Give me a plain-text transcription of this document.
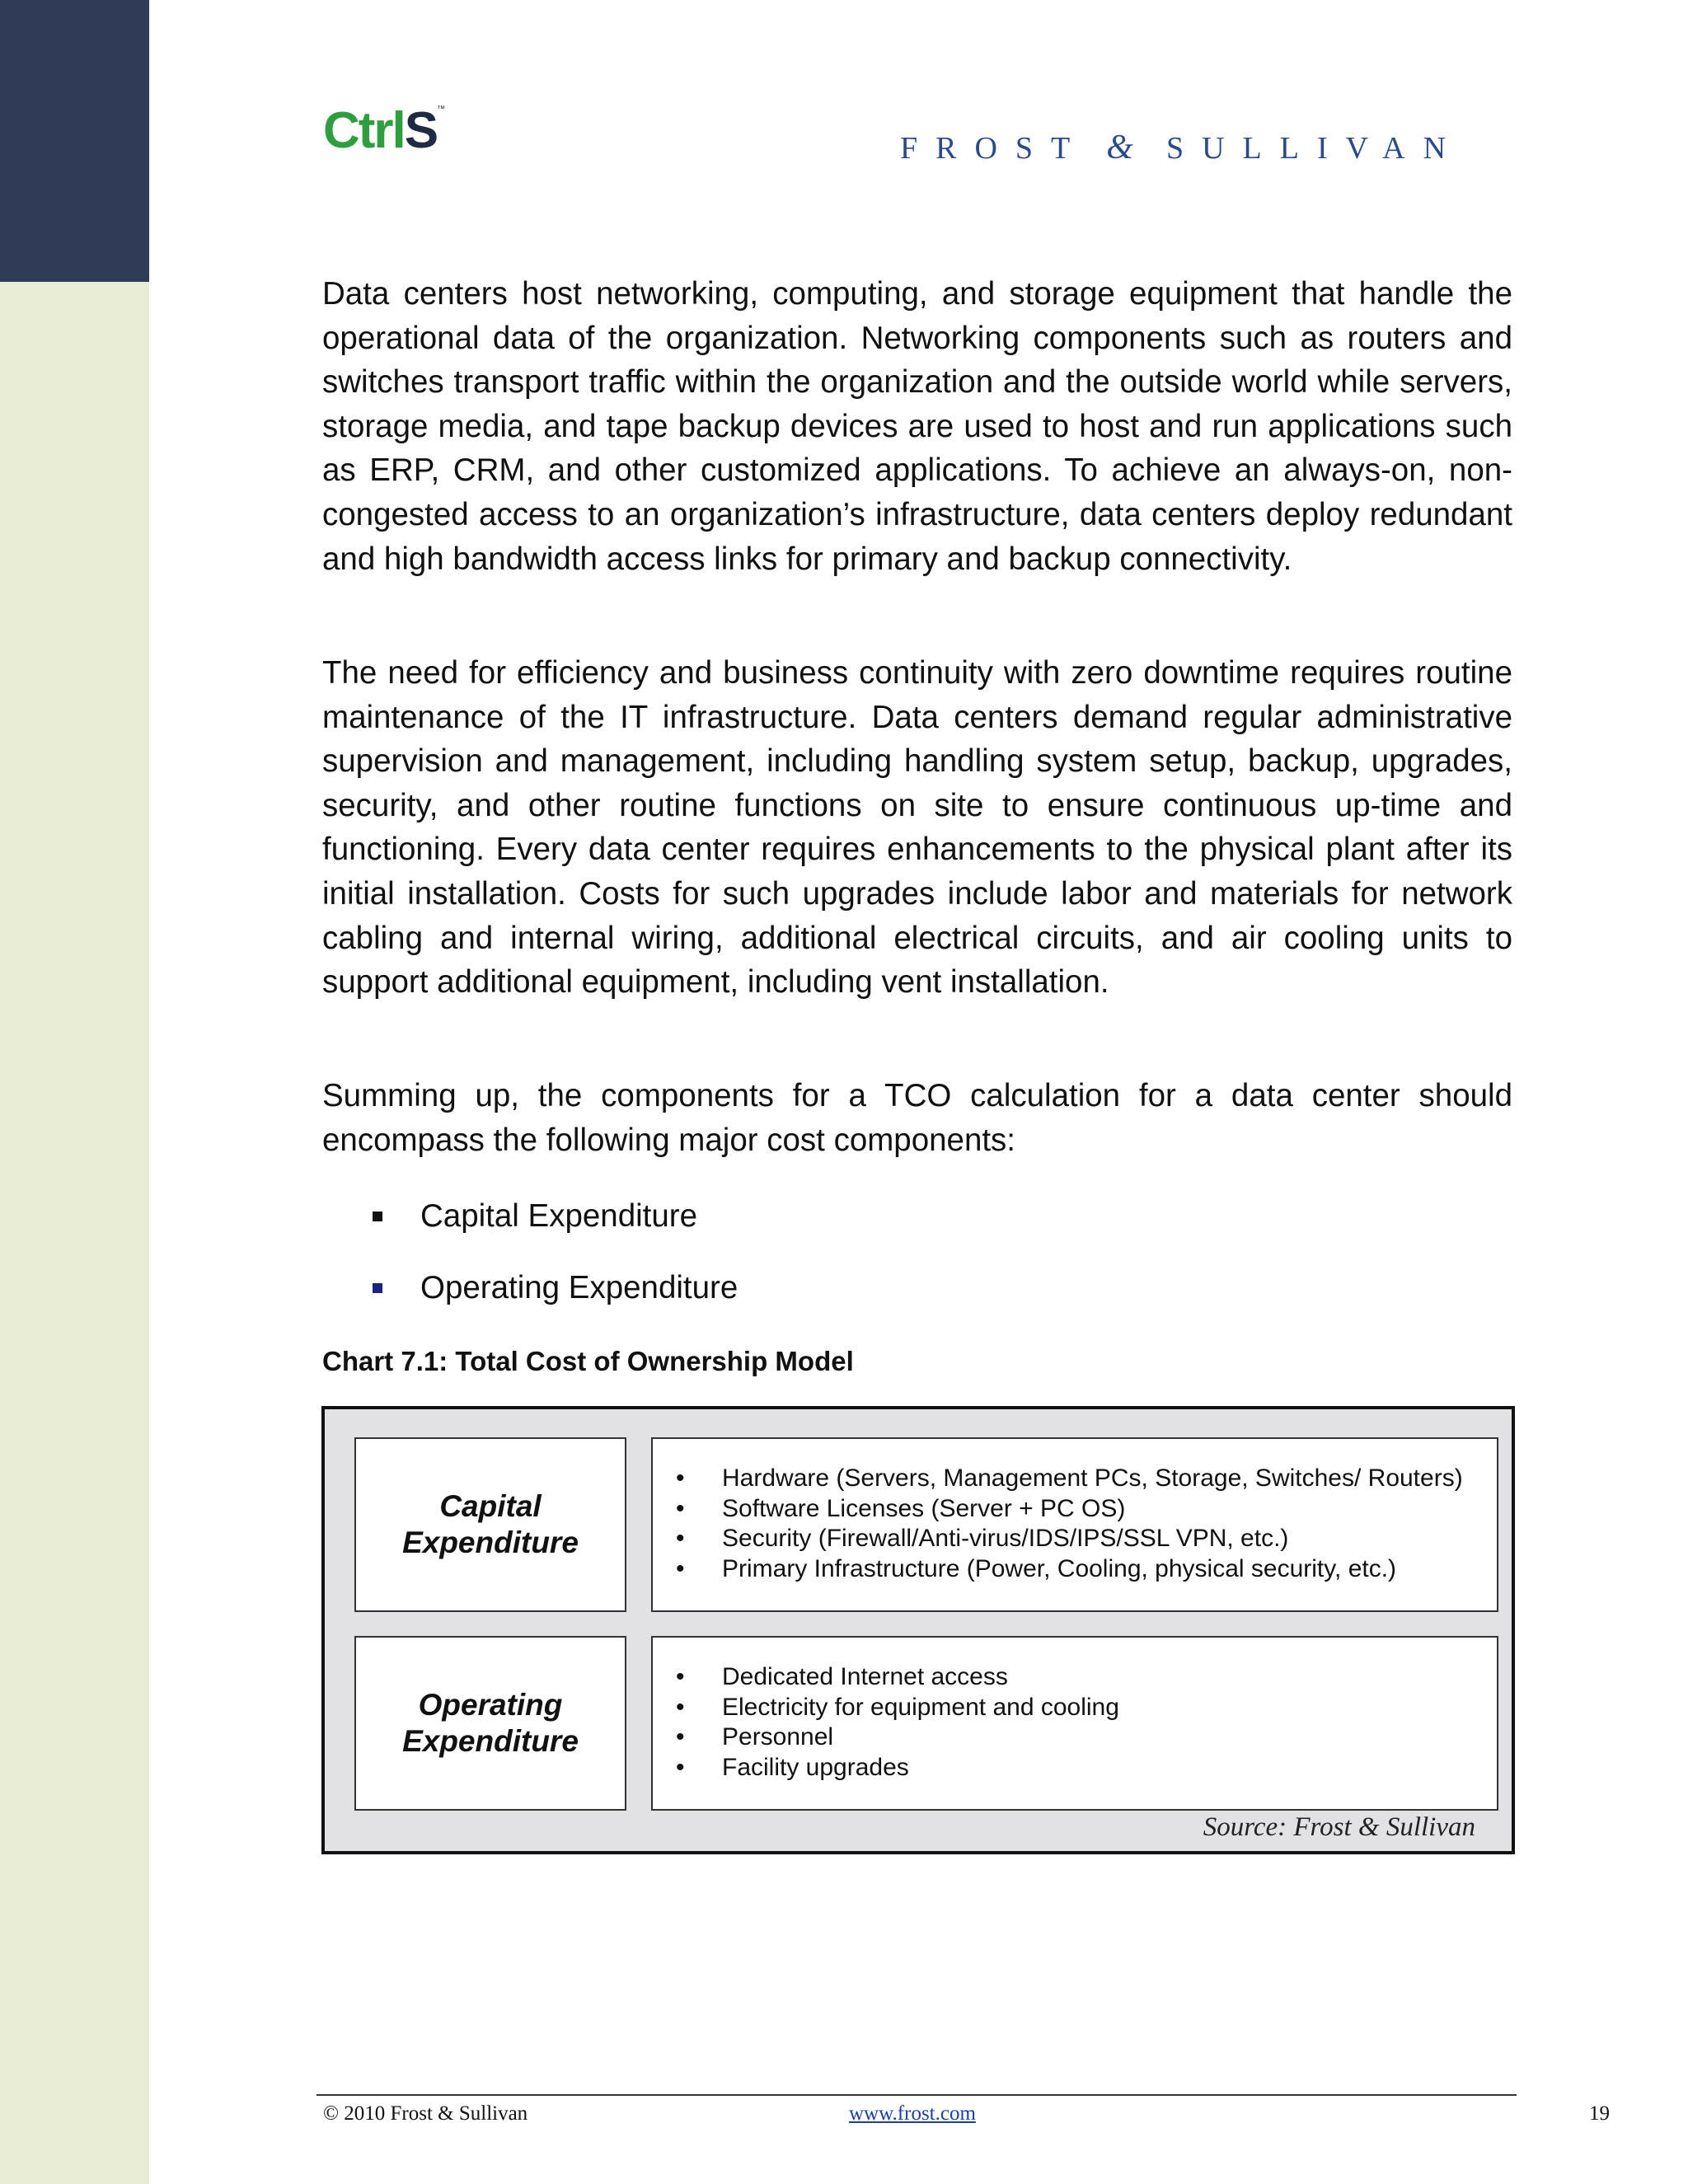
CtrlS™
FROST & SULLIVAN

Data centers host networking, computing, and storage equipment that handle the operational data of the organization. Networking components such as routers and switches transport traffic within the organization and the outside world while servers, storage media, and tape backup devices are used to host and run applications such as ERP, CRM, and other customized applications. To achieve an always-on, non-congested access to an organization’s infrastructure, data centers deploy redundant and high bandwidth access links for primary and backup connectivity.

The need for efficiency and business continuity with zero downtime requires routine maintenance of the IT infrastructure. Data centers demand regular administrative supervision and management, including handling system setup, backup, upgrades, security, and other routine functions on site to ensure continuous up-time and functioning. Every data center requires enhancements to the physical plant after its initial installation. Costs for such upgrades include labor and materials for network cabling and internal wiring, additional electrical circuits, and air cooling units to support additional equipment, including vent installation.

Summing up, the components for a TCO calculation for a data center should encompass the following major cost components:

Capital Expenditure
Operating Expenditure
Chart 7.1: Total Cost of Ownership Model
Capital
Expenditure
• Hardware (Servers, Management PCs, Storage, Switches/ Routers)
• Software Licenses (Server + PC OS)
• Security (Firewall/Anti-virus/IDS/IPS/SSL VPN, etc.)
• Primary Infrastructure (Power, Cooling, physical security, etc.)
Operating
Expenditure
• Dedicated Internet access
• Electricity for equipment and cooling
• Personnel
• Facility upgrades
Source: Frost & Sullivan
© 2010 Frost & Sullivan	www.frost.com	19
